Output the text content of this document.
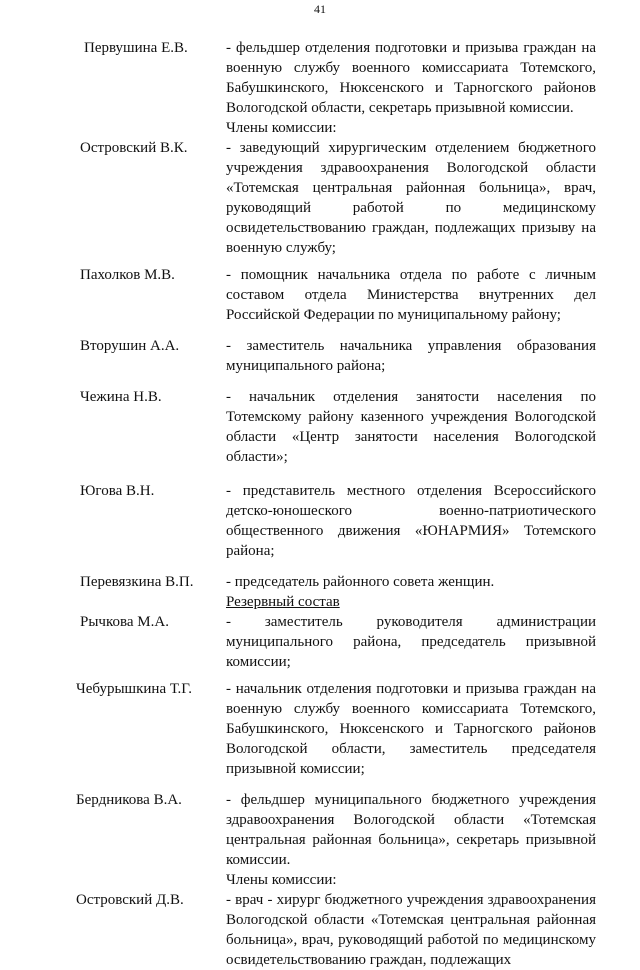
41
Первушина Е.В.	- фельдшер отделения подготовки и призыва граждан на военную службу военного комиссариата Тотемского, Бабушкинского, Нюксенского и Тарногского районов Вологодской области, секретарь призывной комиссии.
Члены комиссии:
Островский В.К.	- заведующий хирургическим отделением бюджетного учреждения здравоохранения Вологодской области «Тотемская центральная районная больница», врач, руководящий работой по медицинскому освидетельствованию граждан, подлежащих призыву на военную службу;
Пахолков М.В.	- помощник начальника отдела по работе с личным составом отдела Министерства внутренних дел Российской Федерации по муниципальному району;
Вторушин А.А.	- заместитель начальника управления образования муниципального района;
Чежина Н.В.	- начальник отделения занятости населения по Тотемскому району казенного учреждения Вологодской области «Центр занятости населения Вологодской области»;
Югова В.Н.	- представитель местного отделения Всероссийского детско-юношеского военно-патриотического общественного движения «ЮНАРМИЯ» Тотемского района;
Перевязкина В.П. - председатель районного совета женщин.
Резервный состав
Рычкова М.А.	- заместитель руководителя администрации муниципального района, председатель призывной комиссии;
Чебурышкина Т.Г. - начальник отделения подготовки и призыва граждан на военную службу военного комиссариата Тотемского, Бабушкинского, Нюксенского и Тарногского районов Вологодской области, заместитель председателя призывной комиссии;
Бердникова В.А.	- фельдшер муниципального бюджетного учреждения здравоохранения Вологодской области «Тотемская центральная районная больница», секретарь призывной комиссии.
Члены комиссии:
Островский Д.В.	- врач - хирург бюджетного учреждения здравоохранения Вологодской области «Тотемская центральная районная больница», врач, руководящий работой по медицинскому освидетельствованию граждан, подлежащих
